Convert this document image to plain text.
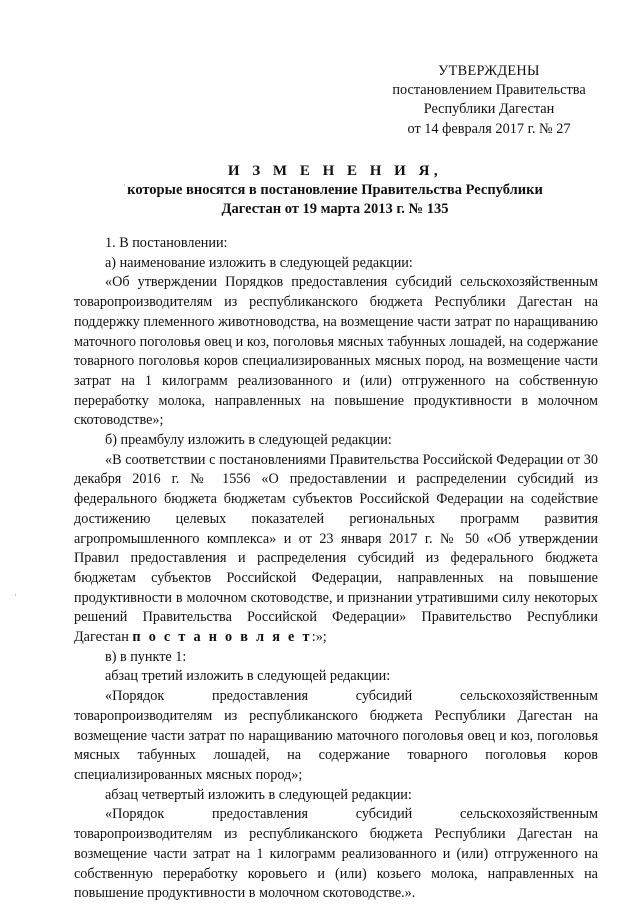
УТВЕРЖДЕНЫ
постановлением Правительства
Республики Дагестан
от 14 февраля 2017 г. № 27
И З М Е Н Е Н И Я,
которые вносятся в постановление Правительства Республики
Дагестан от 19 марта 2013 г. № 135

1. В постановлении:

а) наименование изложить в следующей редакции:

«Об утверждении Порядков предоставления субсидий сельскохозяйственным товаропроизводителям из республиканского бюджета Республики Дагестан на поддержку племенного животноводства, на возмещение части затрат по наращиванию маточного поголовья овец и коз, поголовья мясных табунных лошадей, на содержание товарного поголовья коров специализированных мясных пород, на возмещение части затрат на 1 килограмм реализованного и (или) отгруженного на собственную переработку молока, направленных на повышение продуктивности в молочном скотоводстве»;

б) преамбулу изложить в следующей редакции:

«В соответствии с постановлениями Правительства Российской Федерации от 30 декабря 2016 г. № 1556 «О предоставлении и распределении субсидий из федерального бюджета бюджетам субъектов Российской Федерации на содействие достижению целевых показателей региональных программ развития агропромышленного комплекса» и от 23 января 2017 г. № 50 «Об утверждении Правил предоставления и распределения субсидий из федерального бюджета бюджетам субъектов Российской Федерации, направленных на повышение продуктивности в молочном скотоводстве, и признании утратившими силу некоторых решений Правительства Российской Федерации» Правительство Республики Дагестан п о с т а н о в л я е т:»;

в) в пункте 1:

абзац третий изложить в следующей редакции:

«Порядок предоставления субсидий сельскохозяйственным товаропроизводителям из республиканского бюджета Республики Дагестан на возмещение части затрат по наращиванию маточного поголовья овец и коз, поголовья мясных табунных лошадей, на содержание товарного поголовья коров специализированных мясных пород»;

абзац четвертый изложить в следующей редакции:

«Порядок предоставления субсидий сельскохозяйственным товаропроизводителям из республиканского бюджета Республики Дагестан на возмещение части затрат на 1 килограмм реализованного и (или) отгруженного на собственную переработку коровьего и (или) козьего молока, направленных на повышение продуктивности в молочном скотоводстве.».

·
·
